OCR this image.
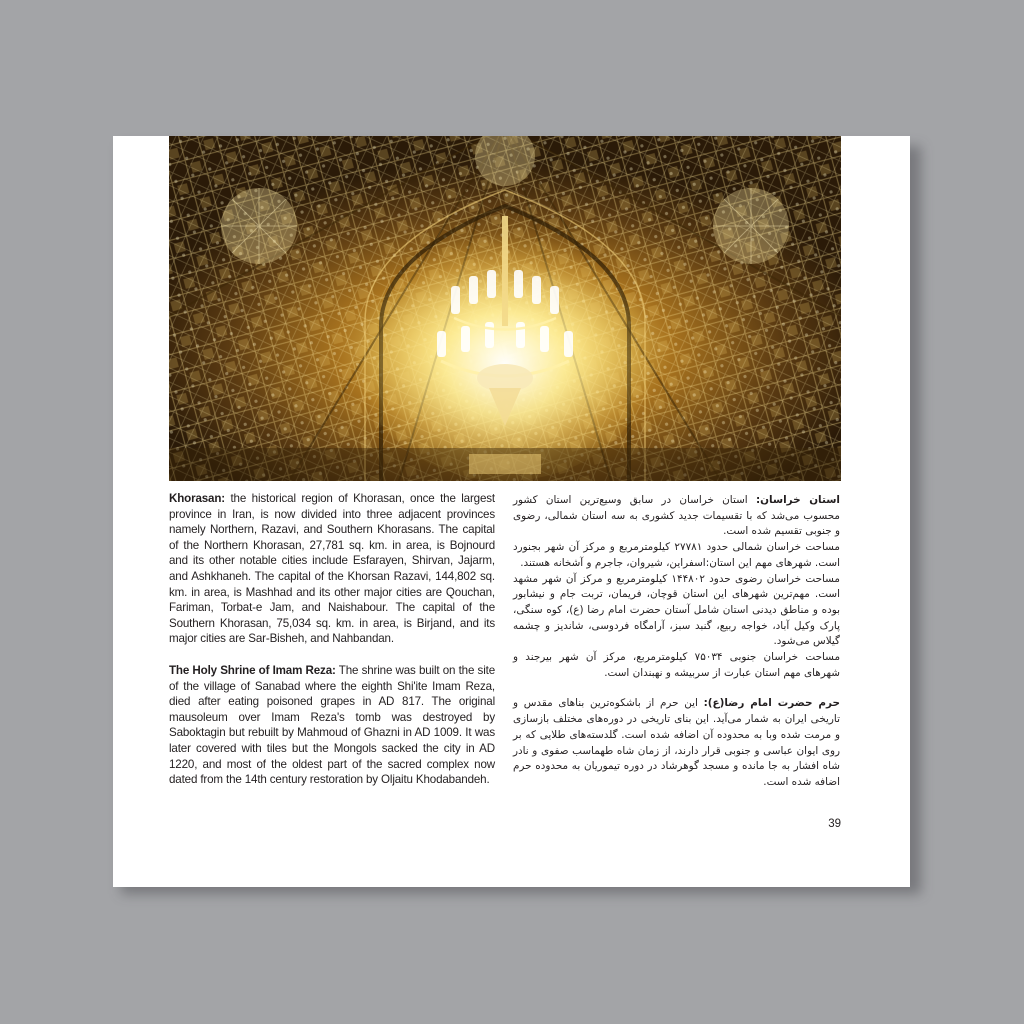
Khorasan: the historical region of Khorasan, once the largest province in Iran, is now divided into three adjacent provinces namely Northern, Razavi, and Southern Khorasans. The capital of the Northern Khorasan, 27,781 sq. km. in area, is Bojnourd and its other notable cities include Esfarayen, Shirvan, Jajarm, and Ashkhaneh. The capital of the Khorsan Razavi, 144,802 sq. km. in area, is Mashhad and its other major cities are Qouchan, Fariman, Torbat-e Jam, and Naishabour. The capital of the Southern Khorasan, 75,034 sq. km. in area, is Birjand, and its major cities are Sar-Bisheh, and Nahbandan.

The Holy Shrine of Imam Reza: The shrine was built on the site of the village of Sanabad where the eighth Shi'ite Imam Reza, died after eating poisoned grapes in AD 817. The original mausoleum over Imam Reza's tomb was destroyed by Saboktagin but rebuilt by Mahmoud of Ghazni in AD 1009. It was later covered with tiles but the Mongols sacked the city in AD 1220, and most of the oldest part of the sacred complex now dated from the 14th century restoration by Oljaitu Khodabandeh.

استان خراسان: استان خراسان در سابق وسیع‌ترین استان کشور محسوب می‌شد که با تقسیمات جدید کشوری به سه استان شمالی، رضوی و جنوبی تقسیم شده است.

مساحت خراسان شمالی حدود ۲۷۷۸۱ کیلومترمربع و مرکز آن شهر بجنورد است. شهرهای مهم این استان:اسفراین، شیروان، جاجرم و آشخانه هستند.

مساحت خراسان رضوی حدود ۱۴۴۸۰۲ کیلومترمربع و مرکز آن شهر مشهد است. مهم‌ترین شهرهای این استان قوچان، فریمان، تربت جام و نیشابور بوده و مناطق دیدنی استان شامل آستان حضرت امام رضا (ع)، کوه سنگی، پارک وکیل آباد، خواجه ربیع، گنبد سبز، آرامگاه فردوسی، شاندیز و چشمه گیلاس می‌شود.

مساحت خراسان جنوبی ۷۵۰۳۴ کیلومترمربع، مرکز آن شهر بیرجند و شهرهای مهم استان عبارت از سربیشه و نهبندان است.

حرم حضرت امام رضا(ع): این حرم از باشکوه‌ترین بناهای مقدس و تاریخی ایران به شمار می‌آید. این بنای تاریخی در دوره‌های مختلف بازسازی و مرمت شده وبا به محدوده آن اضافه شده است. گلدسته‌های طلایی که بر روی ایوان عباسی و جنوبی قرار دارند، از زمان شاه طهماسب صفوی و نادر شاه افشار به جا مانده و مسجد گوهرشاد در دوره تیموریان به محدوده حرم اضافه شده است.

39
